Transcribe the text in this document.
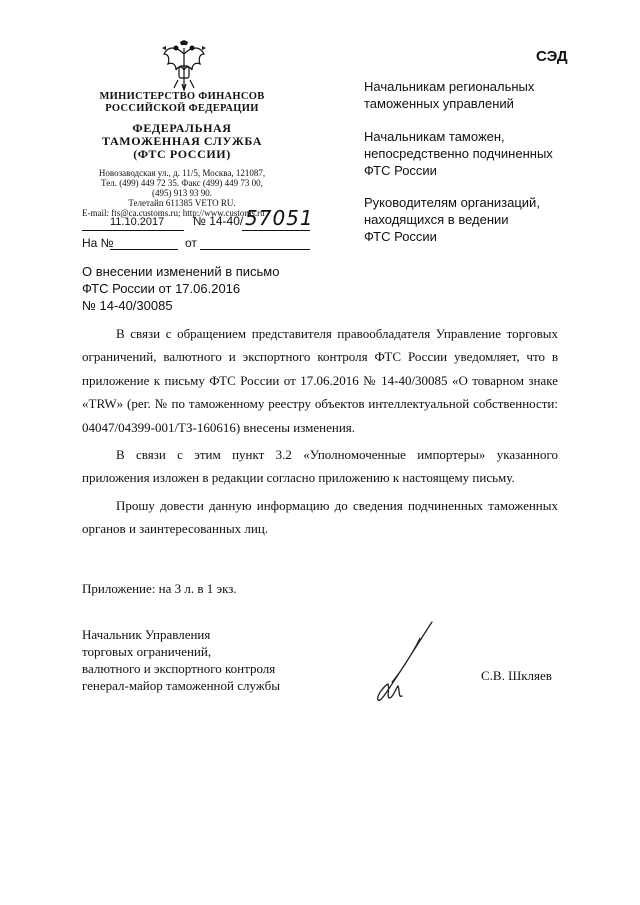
СЭД
МИНИСТЕРСТВО ФИНАНСОВ
РОССИЙСКОЙ ФЕДЕРАЦИИ
ФЕДЕРАЛЬНАЯ
ТАМОЖЕННАЯ СЛУЖБА
(ФТС РОССИИ)
Новозаводская ул., д. 11/5, Москва, 121087,
Тел. (499) 449 72 35. Факс (499) 449 73 00,
(495) 913 93 90.
Телетайп 611385 VETO RU.
E-mail: fts@ca.customs.ru; http://www.customs.ru
11.10.2017 № 14-40/ 57051
На №	от
Начальникам региональных
таможенных управлений
Начальникам таможен,
непосредственно подчиненных
ФТС России
Руководителям организаций,
находящихся в ведении
ФТС России
О внесении изменений в письмо
ФТС России от 17.06.2016
№ 14-40/30085

В связи с обращением представителя правообладателя Управление торговых ограничений, валютного и экспортного контроля ФТС России уведомляет, что в приложение к письму ФТС России от 17.06.2016 № 14-40/30085 «О товарном знаке «TRW» (рег. № по таможенному реестру объектов интеллектуальной собственности: 04047/04399-001/ТЗ-160616) внесены изменения.

В связи с этим пункт 3.2 «Уполномоченные импортеры» указанного приложения изложен в редакции согласно приложению к настоящему письму.

Прошу довести данную информацию до сведения подчиненных таможенных органов и заинтересованных лиц.

Приложение: на 3 л. в 1 экз.
Начальник Управления
торговых ограничений,
валютного и экспортного контроля
генерал-майор таможенной службы
С.В. Шкляев
